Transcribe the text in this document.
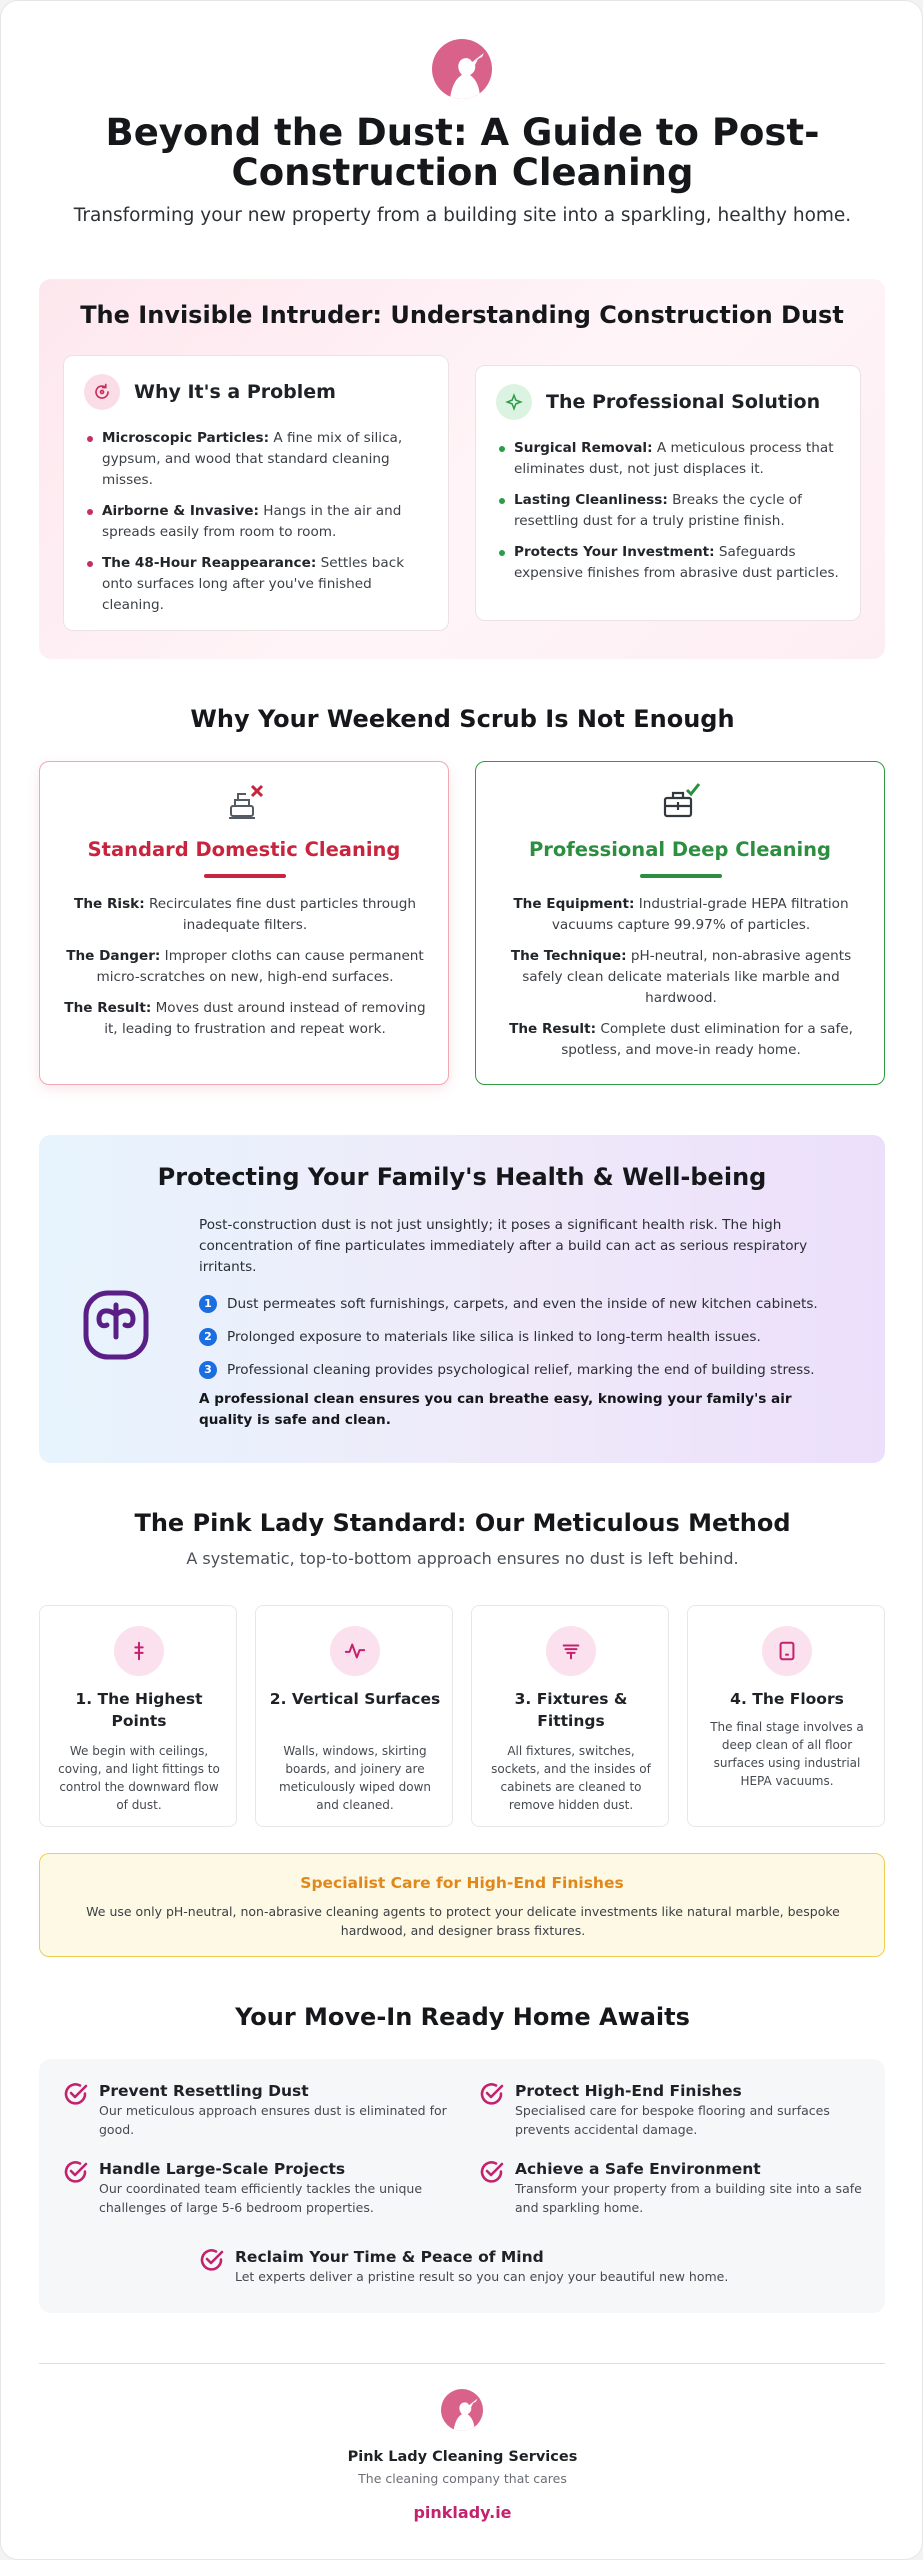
Beyond the Dust: A Guide to Post-Construction Cleaning

Transforming your new property from a building site into a sparkling, healthy home.

The Invisible Intruder: Understanding Construction Dust
Why It's a Problem
Microscopic Particles: A fine mix of silica, gypsum, and wood that standard cleaning misses.
Airborne & Invasive: Hangs in the air and spreads easily from room to room.
The 48-Hour Reappearance: Settles back onto surfaces long after you've finished cleaning.
The Professional Solution
Surgical Removal: A meticulous process that eliminates dust, not just displaces it.
Lasting Cleanliness: Breaks the cycle of resettling dust for a truly pristine finish.
Protects Your Investment: Safeguards expensive finishes from abrasive dust particles.
Why Your Weekend Scrub Is Not Enough
Standard Domestic Cleaning

The Risk: Recirculates fine dust particles through inadequate filters.

The Danger: Improper cloths can cause permanent micro-scratches on new, high-end surfaces.

The Result: Moves dust around instead of removing it, leading to frustration and repeat work.

Professional Deep Cleaning

The Equipment: Industrial-grade HEPA filtration vacuums capture 99.97% of particles.

The Technique: pH-neutral, non-abrasive agents safely clean delicate materials like marble and hardwood.

The Result: Complete dust elimination for a safe, spotless, and move-in ready home.

Protecting Your Family's Health & Well-being

Post-construction dust is not just unsightly; it poses a significant health risk. The high concentration of fine particulates immediately after a build can act as serious respiratory irritants.

1	Dust permeates soft furnishings, carpets, and even the inside of new kitchen cabinets.
2	Prolonged exposure to materials like silica is linked to long-term health issues.
3	Professional cleaning provides psychological relief, marking the end of building stress.

A professional clean ensures you can breathe easy, knowing your family's air quality is safe and clean.

The Pink Lady Standard: Our Meticulous Method

A systematic, top-to-bottom approach ensures no dust is left behind.

1. The Highest Points
We begin with ceilings, coving, and light fittings to control the downward flow of dust.
2. Vertical Surfaces
Walls, windows, skirting boards, and joinery are meticulously wiped down and cleaned.
3. Fixtures & Fittings
All fixtures, switches, sockets, and the insides of cabinets are cleaned to remove hidden dust.
4. The Floors
The final stage involves a deep clean of all floor surfaces using industrial HEPA vacuums.
Specialist Care for High-End Finishes
We use only pH-neutral, non-abrasive cleaning agents to protect your delicate investments like natural marble, bespoke hardwood, and designer brass fixtures.
Your Move-In Ready Home Awaits
Prevent Resettling Dust
Our meticulous approach ensures dust is eliminated for good.
Protect High-End Finishes
Specialised care for bespoke flooring and surfaces prevents accidental damage.
Handle Large-Scale Projects
Our coordinated team efficiently tackles the unique challenges of large 5-6 bedroom properties.
Achieve a Safe Environment
Transform your property from a building site into a safe and sparkling home.
Reclaim Your Time & Peace of Mind
Let experts deliver a pristine result so you can enjoy your beautiful new home.
Pink Lady Cleaning Services
The cleaning company that cares
pinklady.ie
